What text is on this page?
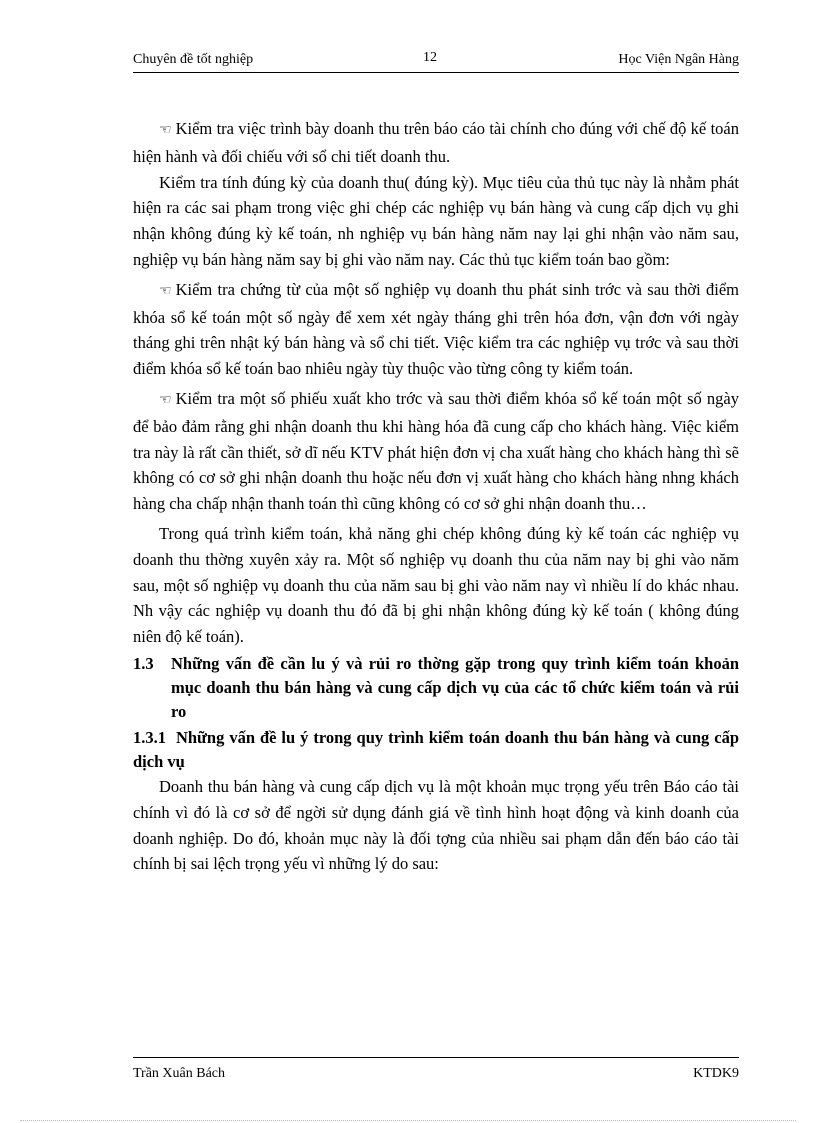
Chuyên đề tốt nghiệp	12	Học Viện Ngân Hàng

☜ Kiểm tra việc trình bày doanh thu trên báo cáo tài chính cho đúng với chế độ kế toán hiện hành và đối chiếu với sổ chi tiết doanh thu.

Kiểm tra tính đúng kỳ của doanh thu( đúng kỳ). Mục tiêu của thủ tục này là nhằm phát hiện ra các sai phạm trong việc ghi chép các nghiệp vụ bán hàng và cung cấp dịch vụ ghi nhận không đúng kỳ kế toán, nh nghiệp vụ bán hàng năm nay lại ghi nhận vào năm sau, nghiệp vụ bán hàng năm say bị ghi vào năm nay. Các thủ tục kiểm toán bao gồm:

☜ Kiểm tra chứng từ của một số nghiệp vụ doanh thu phát sinh trớc và sau thời điểm khóa sổ kế toán một số ngày để xem xét ngày tháng ghi trên hóa đơn, vận đơn với ngày tháng ghi trên nhật ký bán hàng và sổ chi tiết. Việc kiểm tra các nghiệp vụ trớc và sau thời điểm khóa sổ kế toán bao nhiêu ngày tùy thuộc vào từng công ty kiểm toán.

☜ Kiểm tra một số phiếu xuất kho trớc và sau thời điểm khóa sổ kế toán một số ngày để bảo đảm rằng ghi nhận doanh thu khi hàng hóa đã cung cấp cho khách hàng. Việc kiểm tra này là rất cần thiết, sở dĩ nếu KTV phát hiện đơn vị cha xuất hàng cho khách hàng thì sẽ không có cơ sở ghi nhận doanh thu hoặc nếu đơn vị xuất hàng cho khách hàng nhng khách hàng cha chấp nhận thanh toán thì cũng không có cơ sở ghi nhận doanh thu…

Trong quá trình kiểm toán, khả năng ghi chép không đúng kỳ kế toán các nghiệp vụ doanh thu thờng xuyên xảy ra. Một số nghiệp vụ doanh thu của năm nay bị ghi vào năm sau, một số nghiệp vụ doanh thu của năm sau bị ghi vào năm nay vì nhiều lí do khác nhau. Nh vậy các nghiệp vụ doanh thu đó đã bị ghi nhận không đúng kỳ kế toán ( không đúng niên độ kế toán).

1.3 Những vấn đề cần lu ý và rủi ro thờng gặp trong quy trình kiểm toán khoản mục doanh thu bán hàng và cung cấp dịch vụ của các tổ chức kiểm toán và rủi ro
1.3.1 Những vấn đề lu ý trong quy trình kiểm toán doanh thu bán hàng và cung cấp dịch vụ

Doanh thu bán hàng và cung cấp dịch vụ là một khoản mục trọng yếu trên Báo cáo tài chính vì đó là cơ sở để ngời sử dụng đánh giá về tình hình hoạt động và kinh doanh của doanh nghiệp. Do đó, khoản mục này là đối tợng của nhiều sai phạm dẫn đến báo cáo tài chính bị sai lệch trọng yếu vì những lý do sau:

Trần Xuân Bách	KTDK9
